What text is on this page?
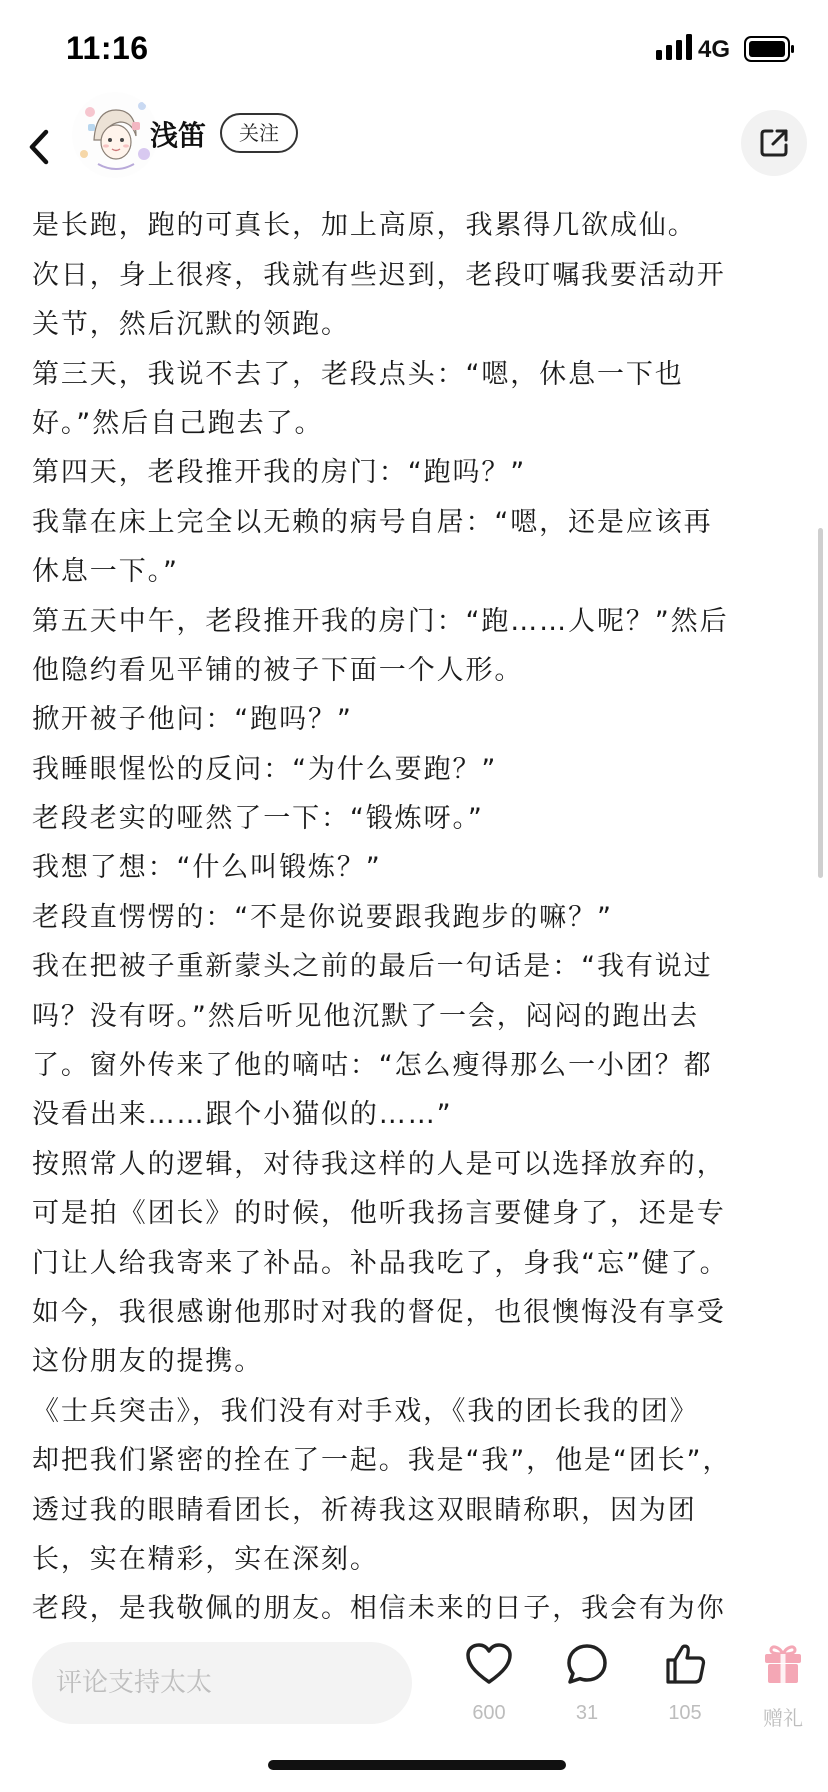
11:16	4G
浅笛	关注
是长跑，跑的可真长，加上高原，我累得几欲成仙。
次日，身上很疼，我就有些迟到，老段叮嘱我要活动开
关节，然后沉默的领跑。
第三天，我说不去了，老段点头：“嗯，休息一下也
好。”然后自己跑去了。
第四天，老段推开我的房门：“跑吗？”
我靠在床上完全以无赖的病号自居：“嗯，还是应该再
休息一下。”
第五天中午，老段推开我的房门：“跑……人呢？”然后
他隐约看见平铺的被子下面一个人形。
掀开被子他问：“跑吗？”
我睡眼惺忪的反问：“为什么要跑？”
老段老实的哑然了一下：“锻炼呀。”
我想了想：“什么叫锻炼？”
老段直愣愣的：“不是你说要跟我跑步的嘛？”
我在把被子重新蒙头之前的最后一句话是：“我有说过
吗？没有呀。”然后听见他沉默了一会，闷闷的跑出去
了。窗外传来了他的嘀咕：“怎么瘦得那么一小团？都
没看出来……跟个小猫似的……”
按照常人的逻辑，对待我这样的人是可以选择放弃的，
可是拍《团长》的时候，他听我扬言要健身了，还是专
门让人给我寄来了补品。补品我吃了，身我“忘”健了。
如今，我很感谢他那时对我的督促，也很懊悔没有享受
这份朋友的提携。
《士兵突击》，我们没有对手戏，《我的团长我的团》
却把我们紧密的拴在了一起。我是“我”，他是“团长”，
透过我的眼睛看团长，祈祷我这双眼睛称职，因为团
长，实在精彩，实在深刻。
老段，是我敬佩的朋友。相信未来的日子，我会有为你
评论支持太太
600	31	105	赠礼
